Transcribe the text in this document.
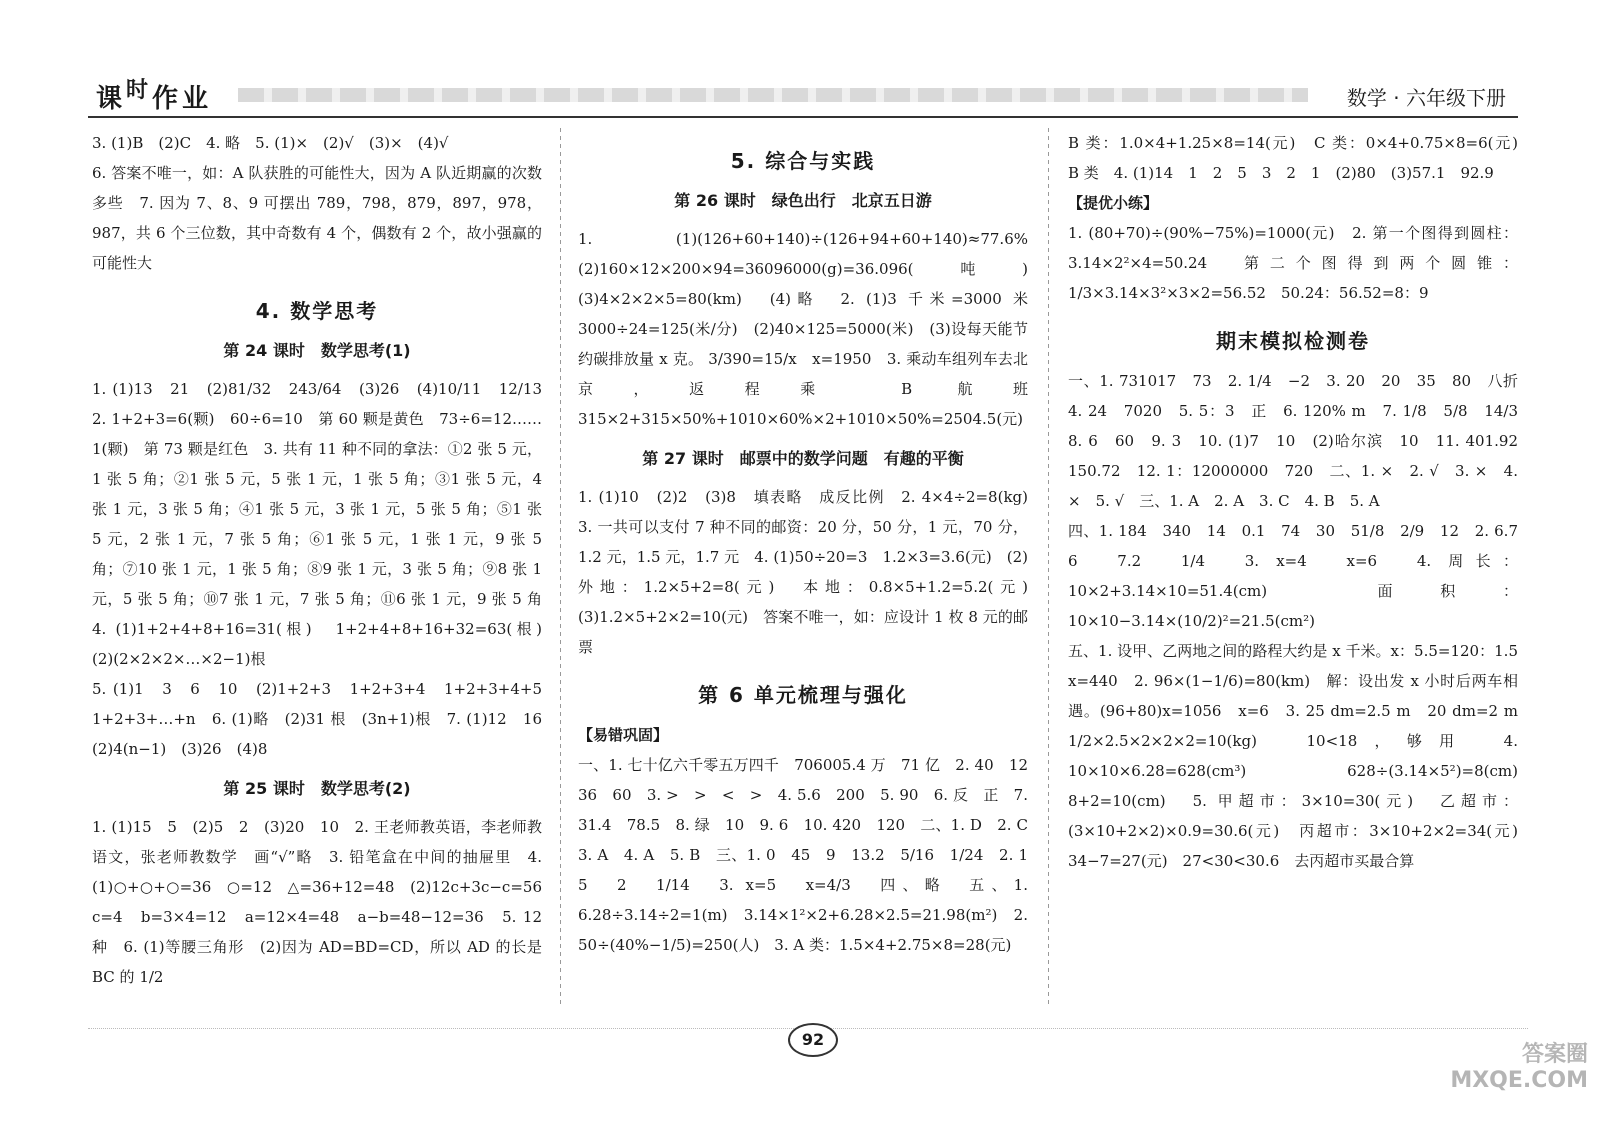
课$^时$作业	数学 · 六年级下册

3. (1)B　(2)C　4. 略　5. (1)×　(2)√　(3)×　(4)√

6. 答案不唯一，如：A 队获胜的可能性大，因为 A 队近期赢的次数多些　7. 因为 7、8、9 可摆出 789，798，879，897，978，987，共 6 个三位数，其中奇数有 4 个，偶数有 2 个，故小强赢的可能性大

4. 数学思考
第 24 课时　数学思考(1)

1. (1)13　21　(2)81/32　243/64　(3)26　(4)10/11　12/13　2. 1+2+3=6(颗)　60÷6=10　第 60 颗是黄色　73÷6=12……1(颗)　第 73 颗是红色　3. 共有 11 种不同的拿法：①2 张 5 元，1 张 5 角；②1 张 5 元，5 张 1 元，1 张 5 角；③1 张 5 元，4 张 1 元，3 张 5 角；④1 张 5 元，3 张 1 元，5 张 5 角；⑤1 张 5 元，2 张 1 元，7 张 5 角；⑥1 张 5 元，1 张 1 元，9 张 5 角；⑦10 张 1 元，1 张 5 角；⑧9 张 1 元，3 张 5 角；⑨8 张 1 元，5 张 5 角；⑩7 张 1 元，7 张 5 角；⑪6 张 1 元，9 张 5 角　4. (1)1+2+4+8+16=31(根)　1+2+4+8+16+32=63(根)　(2)(2×2×2×…×2−1)根

5. (1)1　3　6　10　(2)1+2+3　1+2+3+4　1+2+3+4+5　1+2+3+…+n　6. (1)略　(2)31 根　(3n+1)根　7. (1)12　16　(2)4(n−1)　(3)26　(4)8

第 25 课时　数学思考(2)

1. (1)15　5　(2)5　2　(3)20　10　2. 王老师教英语，李老师教语文，张老师教数学　画“√”略　3. 铅笔盒在中间的抽屉里　4. (1)○+○+○=36　○=12　△=36+12=48　(2)12c+3c−c=56　c=4　b=3×4=12　a=12×4=48　a−b=48−12=36　5. 12 种　6. (1)等腰三角形　(2)因为 AD=BD=CD，所以 AD 的长是 BC 的 1/2

5. 综合与实践
第 26 课时　绿色出行　北京五日游

1. (1)(126+60+140)÷(126+94+60+140)≈77.6%　(2)160×12×200×94=36096000(g)=36.096(吨)　(3)4×2×2×5=80(km)　(4)略　2. (1)3 千米=3000 米　3000÷24=125(米/分)　(2)40×125=5000(米)　(3)设每天能节约碳排放量 x 克。 3/390=15/x　x=1950　3. 乘动车组列车去北京，返程乘 B 航班　315×2+315×50%+1010×60%×2+1010×50%=2504.5(元)

第 27 课时　邮票中的数学问题　有趣的平衡

1. (1)10　(2)2　(3)8　填表略　成反比例　2. 4×4÷2=8(kg)　3. 一共可以支付 7 种不同的邮资：20 分，50 分，1 元，70 分，1.2 元，1.5 元，1.7 元　4. (1)50÷20=3　1.2×3=3.6(元)　(2)外地：1.2×5+2=8(元)　本地：0.8×5+1.2=5.2(元)　(3)1.2×5+2×2=10(元)　答案不唯一，如：应设计 1 枚 8 元的邮票

第 6 单元梳理与强化
【易错巩固】

一、1. 七十亿六千零五万四千　706005.4 万　71 亿　2. 40　12　36　60　3. >　>　<　>　4. 5.6　200　5. 90　6. 反　正　7. 31.4　78.5　8. 绿　10　9. 6　10. 420　120　二、1. D　2. C　3. A　4. A　5. B　三、1. 0　45　9　13.2　5/16　1/24　2. 1　5　2　1/14　3. x=5　x=4/3　四、略　五、1. 6.28÷3.14÷2=1(m)　3.14×1²×2+6.28×2.5=21.98(m²)　2. 50÷(40%−1/5)=250(人)　3. A 类：1.5×4+2.75×8=28(元)

B 类：1.0×4+1.25×8=14(元)　C 类：0×4+0.75×8=6(元)　B 类　4. (1)14　1　2　5　3　2　1　(2)80　(3)57.1　92.9

【提优小练】

1. (80+70)÷(90%−75%)=1000(元)　2. 第一个图得到圆柱：3.14×2²×4=50.24　第二个图得到两个圆锥：1/3×3.14×3²×3×2=56.52　50.24：56.52=8：9

期末模拟检测卷

一、1. 731017　73　2. 1/4　−2　3. 20　20　35　80　八折　4. 24　7020　5. 5：3　正　6. 120% m　7. 1/8　5/8　14/3　8. 6　60　9. 3　10. (1)7　10　(2)哈尔滨　10　11. 401.92　150.72　12. 1：12000000　720　二、1. ×　2. √　3. ×　4. ×　5. √　三、1. A　2. A　3. C　4. B　5. A

四、1. 184　340　14　0.1　74　30　51/8　2/9　12　2. 6.7　6　7.2　1/4　3. x=4　x=6　4. 周长：10×2+3.14×10=51.4(cm)　面积：10×10−3.14×(10/2)²=21.5(cm²)

五、1. 设甲、乙两地之间的路程大约是 x 千米。x：5.5=120：1.5　x=440　2. 96×(1−1/6)=80(km)　解：设出发 x 小时后两车相遇。(96+80)x=1056　x=6　3. 25 dm=2.5 m　20 dm=2 m　1/2×2.5×2×2×2=10(kg)　10<18，够用　4. 10×10×6.28=628(cm³)　628÷(3.14×5²)=8(cm)　8+2=10(cm)　5. 甲超市：3×10=30(元)　乙超市：(3×10+2×2)×0.9=30.6(元)　丙超市：3×10+2×2=34(元)　34−7=27(元)　27<30<30.6　去丙超市买最合算

92
答案圈
MXQE.COM
